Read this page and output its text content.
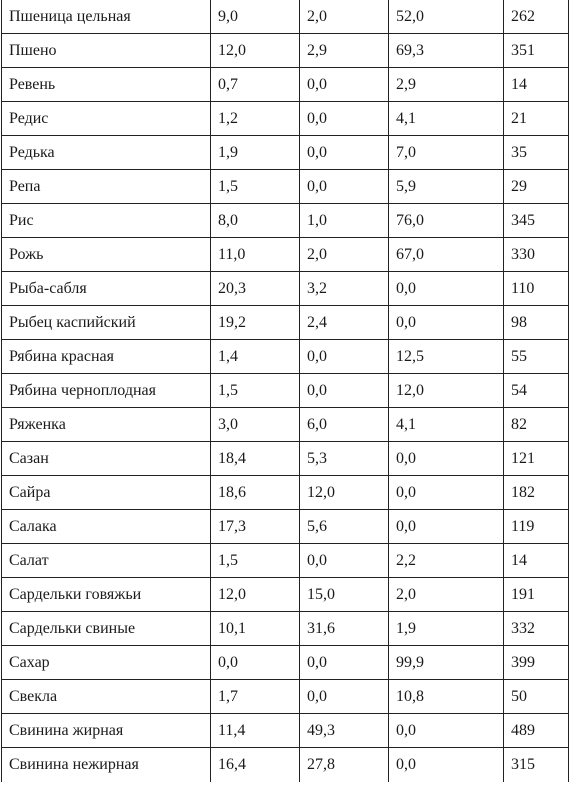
Пшеница цельная	9,0	2,0	52,0	262
Пшено	12,0	2,9	69,3	351
Ревень	0,7	0,0	2,9	14
Редис	1,2	0,0	4,1	21
Редька	1,9	0,0	7,0	35
Репа	1,5	0,0	5,9	29
Рис	8,0	1,0	76,0	345
Рожь	11,0	2,0	67,0	330
Рыба-сабля	20,3	3,2	0,0	110
Рыбец каспийский	19,2	2,4	0,0	98
Рябина красная	1,4	0,0	12,5	55
Рябина черноплодная	1,5	0,0	12,0	54
Ряженка	3,0	6,0	4,1	82
Сазан	18,4	5,3	0,0	121
Сайра	18,6	12,0	0,0	182
Салака	17,3	5,6	0,0	119
Салат	1,5	0,0	2,2	14
Сардельки говяжьи	12,0	15,0	2,0	191
Сардельки свиные	10,1	31,6	1,9	332
Сахар	0,0	0,0	99,9	399
Свекла	1,7	0,0	10,8	50
Свинина жирная	11,4	49,3	0,0	489
Свинина нежирная	16,4	27,8	0,0	315
